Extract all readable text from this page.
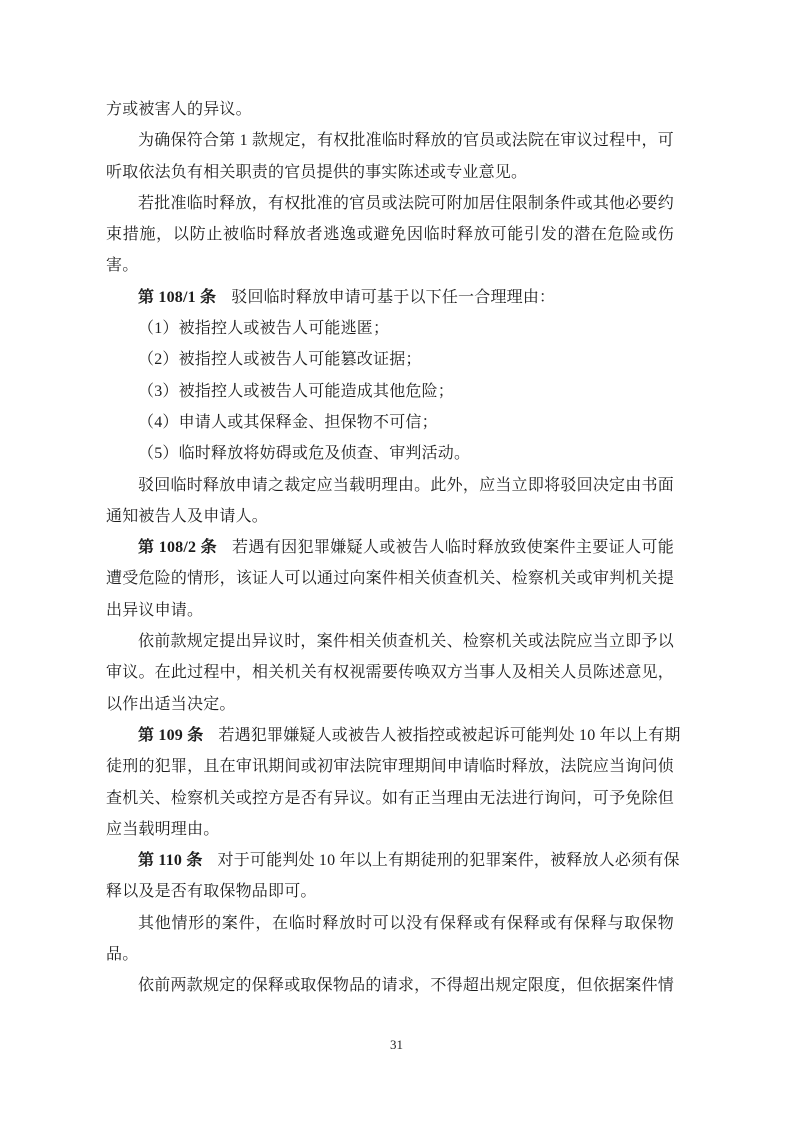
方或被害人的异议。
为确保符合第 1 款规定，有权批准临时释放的官员或法院在审议过程中，可
听取依法负有相关职责的官员提供的事实陈述或专业意见。
若批准临时释放，有权批准的官员或法院可附加居住限制条件或其他必要约
束措施，以防止被临时释放者逃逸或避免因临时释放可能引发的潜在危险或伤
害。
第 108/1 条 驳回临时释放申请可基于以下任一合理理由：
（1）被指控人或被告人可能逃匿；
（2）被指控人或被告人可能篡改证据；
（3）被指控人或被告人可能造成其他危险；
（4）申请人或其保释金、担保物不可信；
（5）临时释放将妨碍或危及侦查、审判活动。
驳回临时释放申请之裁定应当载明理由。此外，应当立即将驳回决定由书面
通知被告人及申请人。
第 108/2 条 若遇有因犯罪嫌疑人或被告人临时释放致使案件主要证人可能
遭受危险的情形，该证人可以通过向案件相关侦查机关、检察机关或审判机关提
出异议申请。
依前款规定提出异议时，案件相关侦查机关、检察机关或法院应当立即予以
审议。在此过程中，相关机关有权视需要传唤双方当事人及相关人员陈述意见，
以作出适当决定。
第 109 条 若遇犯罪嫌疑人或被告人被指控或被起诉可能判处 10 年以上有期
徒刑的犯罪，且在审讯期间或初审法院审理期间申请临时释放，法院应当询问侦
查机关、检察机关或控方是否有异议。如有正当理由无法进行询问，可予免除但
应当载明理由。
第 110 条 对于可能判处 10 年以上有期徒刑的犯罪案件，被释放人必须有保
释以及是否有取保物品即可。
其他情形的案件，在临时释放时可以没有保释或有保释或有保释与取保物
品。
依前两款规定的保释或取保物品的请求，不得超出规定限度，但依据案件情
31
